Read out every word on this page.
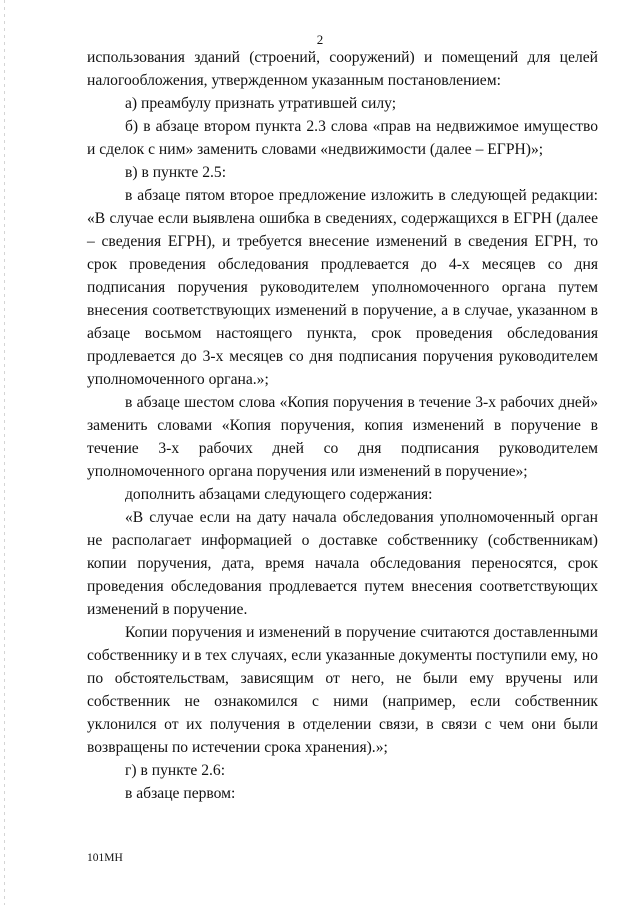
2

использования зданий (строений, сооружений) и помещений для целей налогообложения, утвержденном указанным постановлением:

а) преамбулу признать утратившей силу;

б) в абзаце втором пункта 2.3 слова «прав на недвижимое имущество и сделок с ним» заменить словами «недвижимости (далее – ЕГРН)»;

в) в пункте 2.5:

в абзаце пятом второе предложение изложить в следующей редакции: «В случае если выявлена ошибка в сведениях, содержащихся в ЕГРН (далее – сведения ЕГРН), и требуется внесение изменений в сведения ЕГРН, то срок проведения обследования продлевается до 4-х месяцев со дня подписания поручения руководителем уполномоченного органа путем внесения соответствующих изменений в поручение, а в случае, указанном в абзаце восьмом настоящего пункта, срок проведения обследования продлевается до 3-х месяцев со дня подписания поручения руководителем уполномоченного органа.»;

в абзаце шестом слова «Копия поручения в течение 3-х рабочих дней» заменить словами «Копия поручения, копия изменений в поручение в течение 3-х рабочих дней со дня подписания руководителем уполномоченного органа поручения или изменений в поручение»;

дополнить абзацами следующего содержания:

«В случае если на дату начала обследования уполномоченный орган не располагает информацией о доставке собственнику (собственникам) копии поручения, дата, время начала обследования переносятся, срок проведения обследования продлевается путем внесения соответствующих изменений в поручение.

Копии поручения и изменений в поручение считаются доставленными собственнику и в тех случаях, если указанные документы поступили ему, но по обстоятельствам, зависящим от него, не были ему вручены или собственник не ознакомился с ними (например, если собственник уклонился от их получения в отделении связи, в связи с чем они были возвращены по истечении срока хранения).»;

г) в пункте 2.6:

в абзаце первом:

101МН
